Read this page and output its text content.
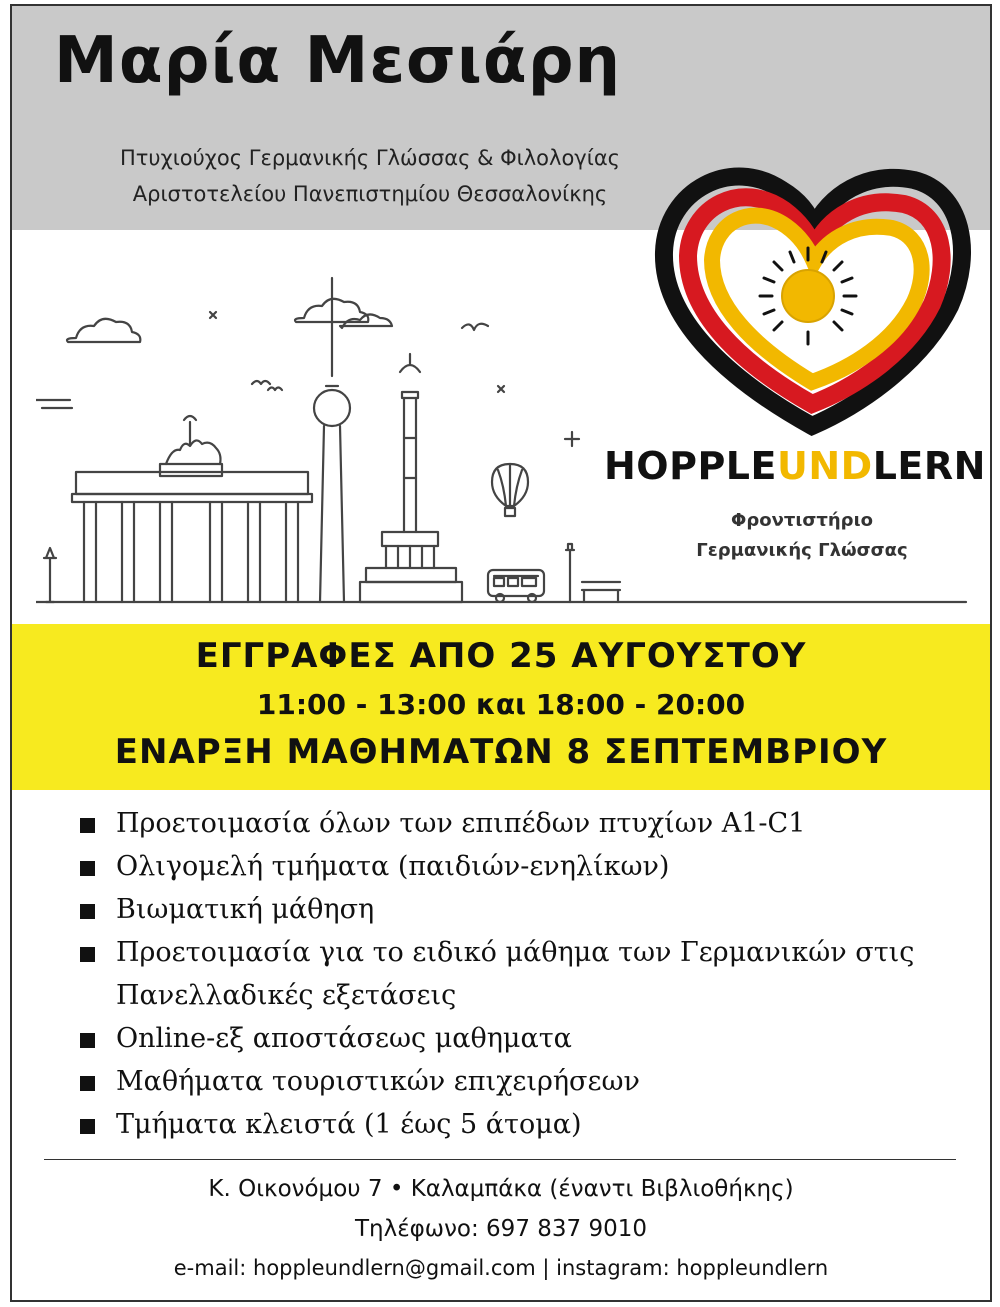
Μαρία Μεσιάρη
Πτυχιούχος Γερμανικής Γλώσσας & Φιλολογίας
Αριστοτελείου Πανεπιστημίου Θεσσαλονίκης
HOPPLEUNDLERN
Φροντιστήριο
Γερμανικής Γλώσσας
ΕΓΓΡΑΦΕΣ ΑΠΟ 25 ΑΥΓΟΥΣΤΟΥ
11:00 - 13:00 και 18:00 - 20:00
ΕΝΑΡΞΗ ΜΑΘΗΜΑΤΩΝ 8 ΣΕΠΤΕΜΒΡΙΟΥ
Προετοιμασία όλων των επιπέδων πτυχίων A1-C1
Ολιγομελή τμήματα (παιδιών-ενηλίκων)
Βιωματική μάθηση
Προετοιμασία για το ειδικό μάθημα των Γερμανικών στις Πανελλαδικές εξετάσεις
Online-εξ αποστάσεως μαθηματα
Μαθήματα τουριστικών επιχειρήσεων
Τμήματα κλειστά (1 έως 5 άτομα)
Κ. Οικονόμου 7 • Καλαμπάκα (έναντι Βιβλιοθήκης)
Τηλέφωνο: 697 837 9010
e-mail: hoppleundlern@gmail.com | instagram: hoppleundlern
